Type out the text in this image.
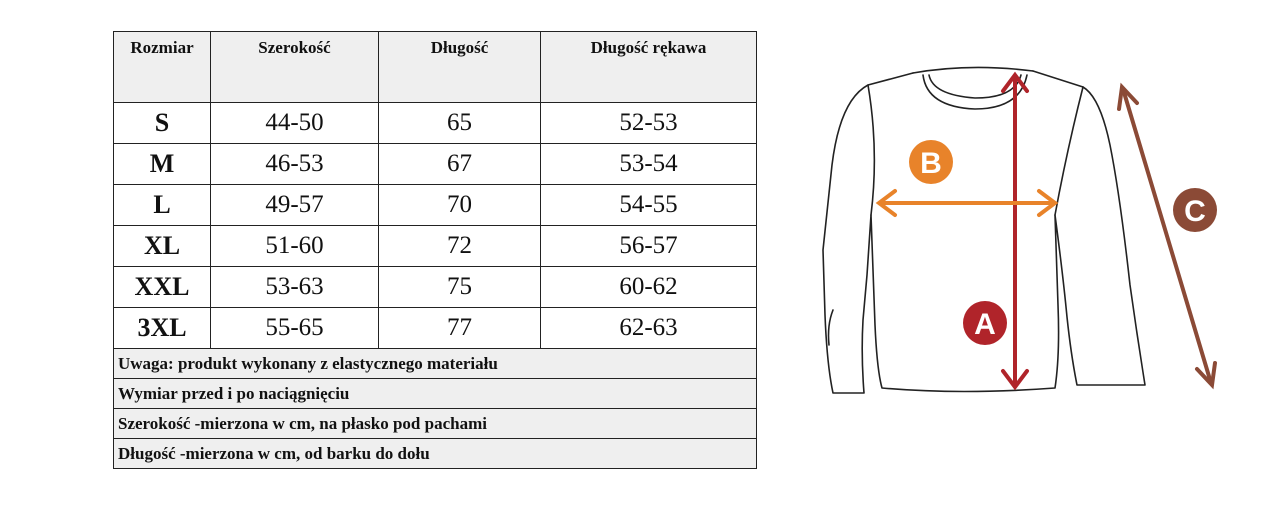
Rozmiar	Szerokość	Długość	Długość rękawa
S	44-50	65	52-53
M	46-53	67	53-54
L	49-57	70	54-55
XL	51-60	72	56-57
XXL	53-63	75	60-62
3XL	55-65	77	62-63
Uwaga: produkt wykonany z elastycznego materiału			
Wymiar przed i po naciągnięciu			
Szerokość -mierzona w cm, na płasko pod pachami			
Długość -mierzona w cm, od barku do dołu			
A
B
C
